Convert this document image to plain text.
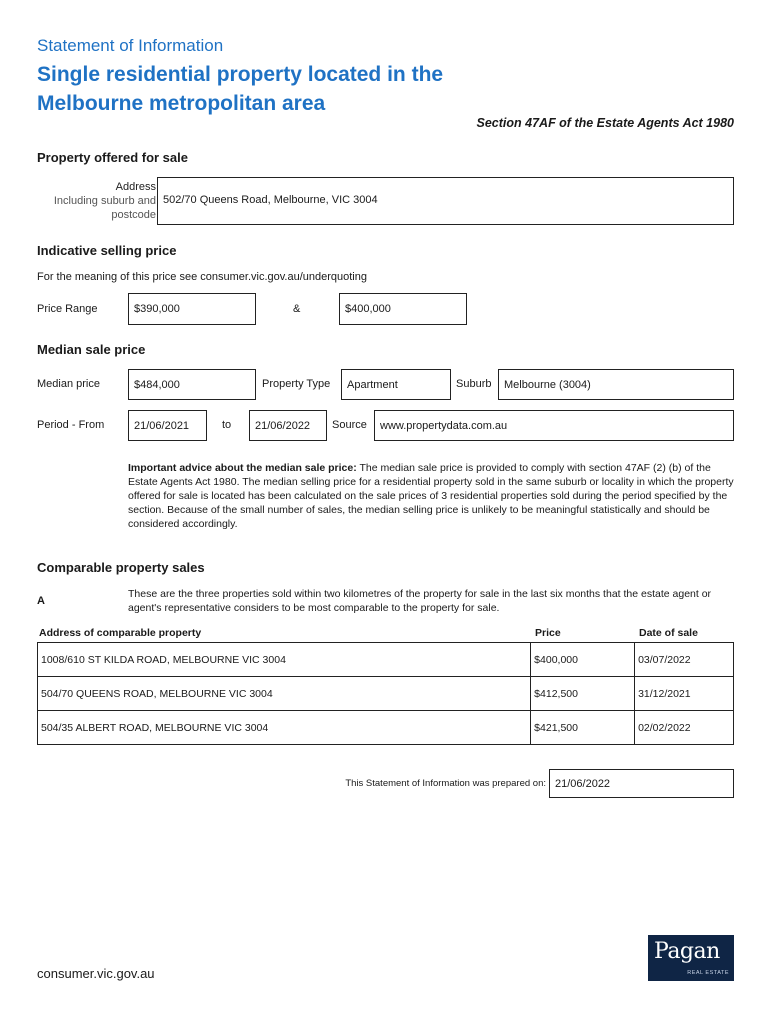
Statement of Information
Single residential property located in the
Melbourne metropolitan area
Section 47AF of the Estate Agents Act 1980
Property offered for sale
Address
Including suburb and
postcode
502/70 Queens Road, Melbourne, VIC 3004
Indicative selling price
For the meaning of this price see consumer.vic.gov.au/underquoting
Price Range	$390,000	&	$400,000
Median sale price
Median price	$484,000	Property Type	Apartment	Suburb	Melbourne (3004)
Period - From	21/06/2021	to	21/06/2022	Source	www.propertydata.com.au
Important advice about the median sale price: The median sale price is provided to comply with section 47AF (2) (b) of the Estate Agents Act 1980. The median selling price for a residential property sold in the same suburb or locality in which the property offered for sale is located has been calculated on the sale prices of 3 residential properties sold during the period specified by the section. Because of the small number of sales, the median selling price is unlikely to be meaningful statistically and should be considered accordingly.
Comparable property sales
A
These are the three properties sold within two kilometres of the property for sale in the last six months that the estate agent or agent's representative considers to be most comparable to the property for sale.
Address of comparable property	Price	Date of sale
1008/610 ST KILDA ROAD, MELBOURNE VIC 3004	$400,000	03/07/2022
504/70 QUEENS ROAD, MELBOURNE VIC 3004	$412,500	31/12/2021
504/35 ALBERT ROAD, MELBOURNE VIC 3004	$421,500	02/02/2022
This Statement of Information was prepared on: 21/06/2022
consumer.vic.gov.au
Pagan
REAL ESTATE
